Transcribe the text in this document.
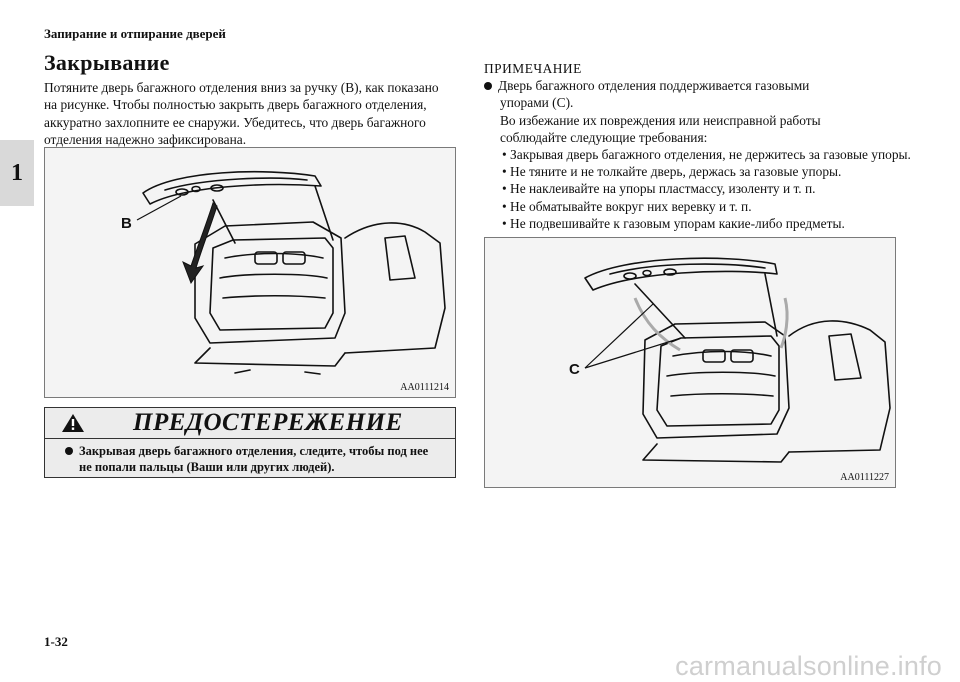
Запирание и отпирание дверей
1
Закрывание
Потяните дверь багажного отделения вниз за ручку (B), как показано
на рисунке. Чтобы полностью закрыть дверь багажного отделения,
аккуратно захлопните ее снаружи. Убедитесь, что дверь багажного
отделения надежно зафиксирована.
B
AA0111214
ПРЕДОСТЕРЕЖЕНИЕ
Закрывая дверь багажного отделения, следите, чтобы под нее
не попали пальцы (Ваши или других людей).
ПРИМЕЧАНИЕ
Дверь багажного отделения поддерживается газовыми
упорами (C).
Во избежание их повреждения или неисправной работы
соблюдайте следующие требования:
• Закрывая дверь багажного отделения, не держитесь за газовые упоры.
• Не тяните и не толкайте дверь, держась за газовые упоры.
• Не наклеивайте на упоры пластмассу, изоленту и т. п.
• Не обматывайте вокруг них веревку и т. п.
• Не подвешивайте к газовым упорам какие-либо предметы.
C
AA0111227
1-32
carmanualsonline.info
